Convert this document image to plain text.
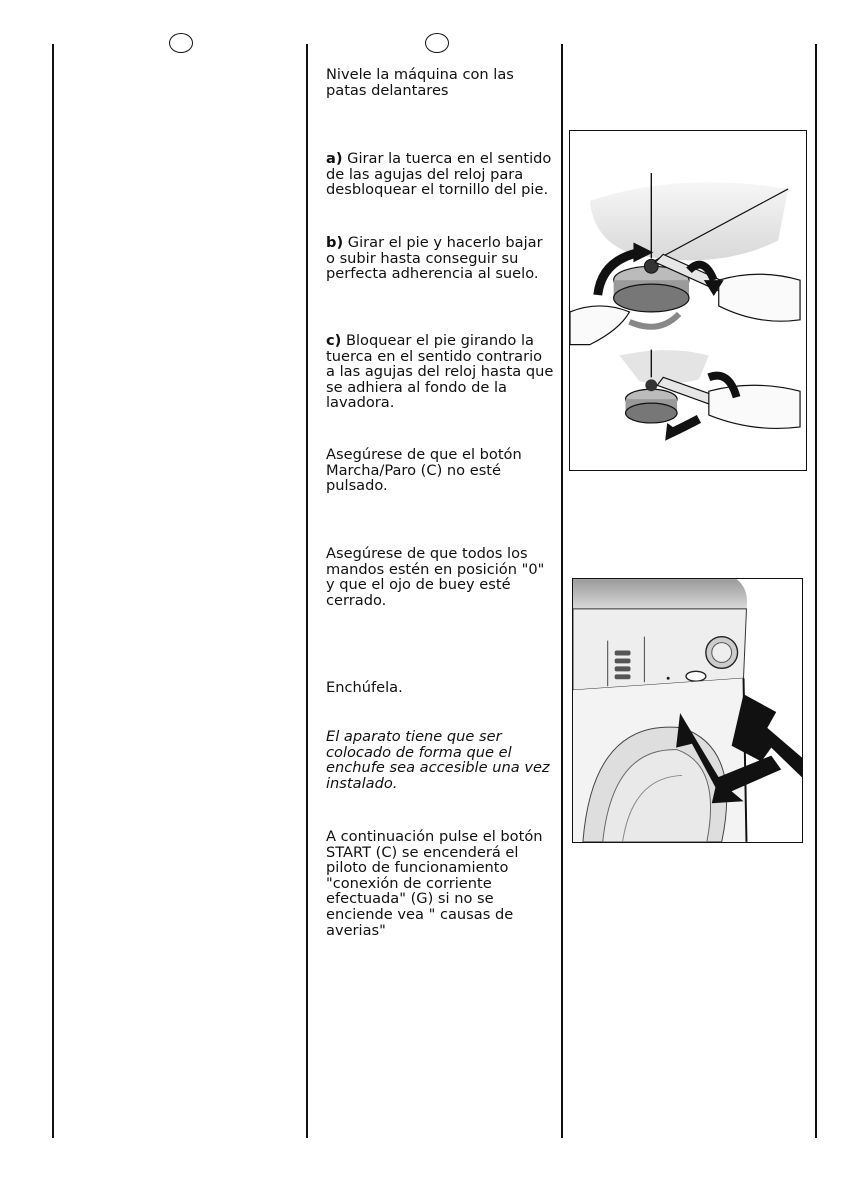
Nivele la máquina con las patas delantares

a) Girar la tuerca en el sentido de las agujas del reloj para desbloquear el tornillo del pie.

b) Girar el pie y hacerlo bajar o subir hasta conseguir su perfecta adherencia al suelo.

c) Bloquear el pie girando la tuerca en el sentido contrario a las agujas del reloj hasta que se adhiera al fondo de la lavadora.

Asegúrese de que el botón Marcha/Paro (C) no esté pulsado.

Asegúrese de que todos los mandos estén en posición "0" y que el ojo de buey esté cerrado.

Enchúfela.

El aparato tiene que ser colocado de forma que el enchufe sea accesible una vez instalado.

A continuación pulse el botón START (C) se encenderá el piloto de funcionamiento "conexión de corriente efectuada" (G) si no se enciende vea " causas de averias"
